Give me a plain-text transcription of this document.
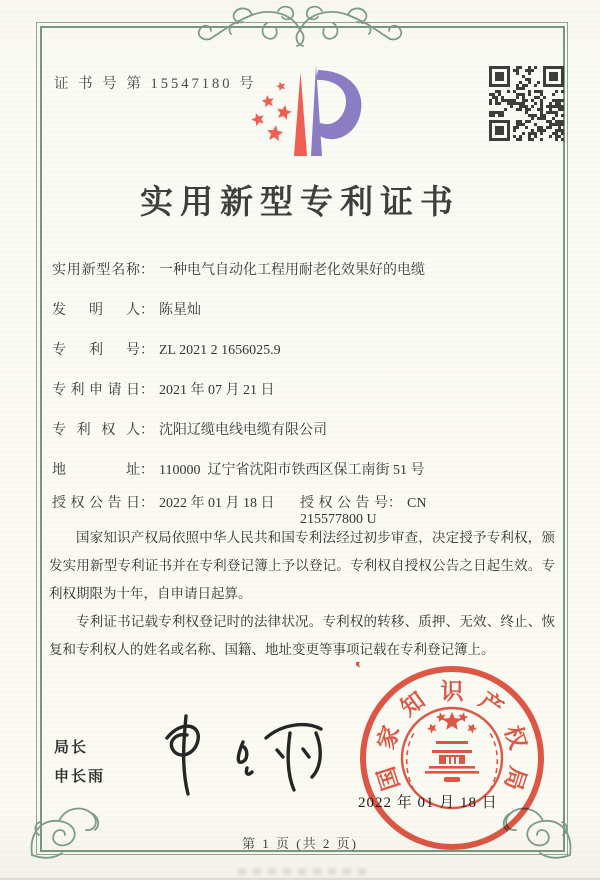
证 书 号 第 15547180 号
实用新型专利证书
实用新型名称： 一种电气自动化工程用耐老化效果好的电缆
发明人： 陈星灿
专利号： ZL 2021 2 1656025.9
专利申请日： 2021 年 07 月 21 日
专利权人： 沈阳辽缆电线电缆有限公司
地址： 110000  辽宁省沈阳市铁西区保工南街 51 号
授权公告日： 2022 年 01 月 18 日 授权公告号： CN 215577800 U

国家知识产权局依照中华人民共和国专利法经过初步审查，决定授予专利权，颁发实用新型专利证书并在专利登记簿上予以登记。专利权自授权公告之日起生效。专利权期限为十年，自申请日起算。

专利证书记载专利权登记时的法律状况。专利权的转移、质押、无效、终止、恢复和专利权人的姓名或名称、国籍、地址变更等事项记载在专利登记簿上。

局长
申长雨	国
家
知 识 产
权
局
2022 年 01 月 18 日
第 1 页 (共 2 页)
